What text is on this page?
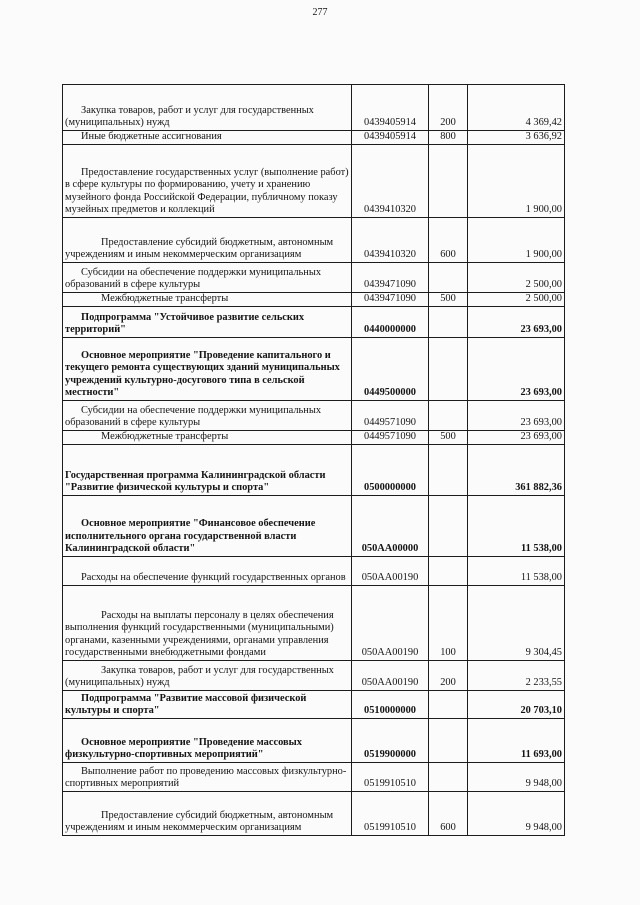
277
Закупка товаров, работ и услуг для государственных (муниципальных) нужд	0439405914	200	4 369,42
Иные бюджетные ассигнования	0439405914	800	3 636,92
Предоставление государственных услуг (выполнение работ) в сфере культуры по формированию, учету и хранению музейного фонда Российской Федерации, публичному показу музейных предметов и коллекций	0439410320		1 900,00
Предоставление субсидий бюджетным, автономным учреждениям и иным некоммерческим организациям	0439410320	600	1 900,00
Субсидии на обеспечение поддержки муниципальных образований в сфере культуры	0439471090		2 500,00
Межбюджетные трансферты	0439471090	500	2 500,00
Подпрограмма "Устойчивое развитие сельских территорий"	0440000000		23 693,00
Основное мероприятие "Проведение капитального и текущего ремонта существующих зданий муниципальных учреждений культурно-досугового типа в сельской местности"	0449500000		23 693,00
Субсидии на обеспечение поддержки муниципальных образований в сфере культуры	0449571090		23 693,00
Межбюджетные трансферты	0449571090	500	23 693,00
Государственная программа Калининградской области "Развитие физической культуры и спорта"	0500000000		361 882,36
Основное мероприятие "Финансовое обеспечение исполнительного органа государственной власти Калининградской области"	050АА00000		11 538,00
Расходы на обеспечение функций государственных органов	050АА00190		11 538,00
Расходы на выплаты персоналу в целях обеспечения выполнения функций государственными (муниципальными) органами, казенными учреждениями, органами управления государственными внебюджетными фондами	050АА00190	100	9 304,45
Закупка товаров, работ и услуг для государственных (муниципальных) нужд	050АА00190	200	2 233,55
Подпрограмма "Развитие массовой физической культуры и спорта"	0510000000		20 703,10
Основное мероприятие "Проведение массовых физкультурно-спортивных мероприятий"	0519900000		11 693,00
Выполнение работ по проведению массовых физкультурно-спортивных мероприятий	0519910510		9 948,00
Предоставление субсидий бюджетным, автономным учреждениям и иным некоммерческим организациям	0519910510	600	9 948,00
